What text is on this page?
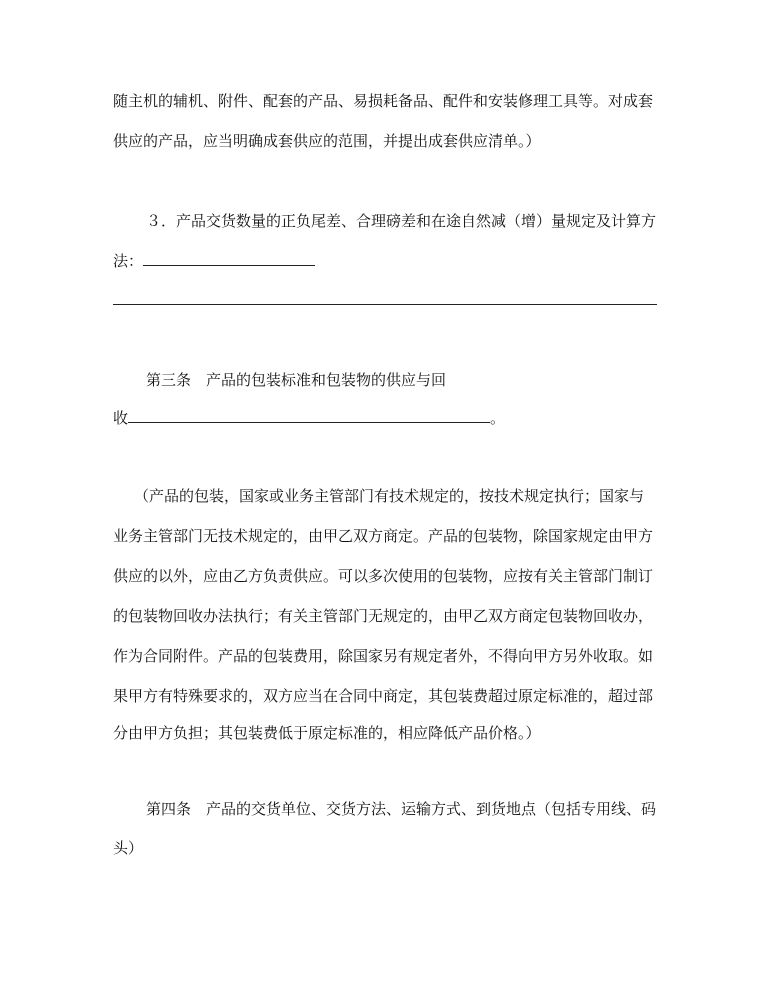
随主机的辅机、附件、配套的产品、易损耗备品、配件和安装修理工具等。对成套
供应的产品，应当明确成套供应的范围，并提出成套供应清单。）
３．产品交货数量的正负尾差、合理磅差和在途自然减（增）量规定及计算方
法：
第三条　产品的包装标准和包装物的供应与回
收	。
（产品的包装，国家或业务主管部门有技术规定的，按技术规定执行；国家与
业务主管部门无技术规定的，由甲乙双方商定。产品的包装物，除国家规定由甲方
供应的以外，应由乙方负责供应。可以多次使用的包装物，应按有关主管部门制订
的包装物回收办法执行；有关主管部门无规定的，由甲乙双方商定包装物回收办，
作为合同附件。产品的包装费用，除国家另有规定者外，不得向甲方另外收取。如
果甲方有特殊要求的，双方应当在合同中商定，其包装费超过原定标准的，超过部
分由甲方负担；其包装费低于原定标准的，相应降低产品价格。）
第四条　产品的交货单位、交货方法、运输方式、到货地点（包括专用线、码
头）
